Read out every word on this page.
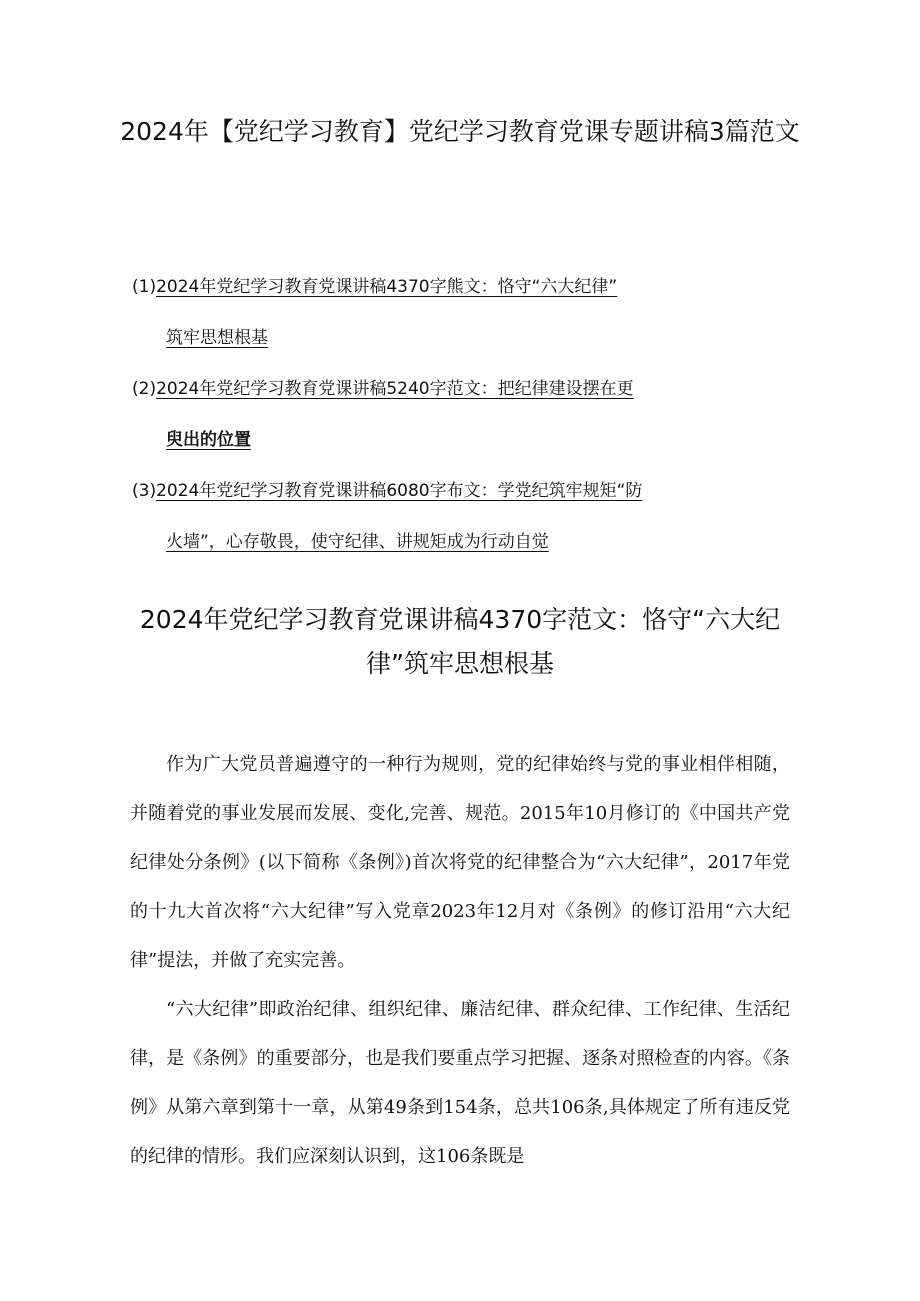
2024年【党纪学习教育】党纪学习教育党课专题讲稿3篇范文
(1)2024年党纪学习教育党课讲稿4370字熊文：恪守“六大纪律”
筑牢思想根基
(2)2024年党纪学习教育党课讲稿5240字范文：把纪律建设摆在更
臾出的位置
(3)2024年党纪学习教育党课讲稿6080字布文：学党纪筑牢规矩“防
火墙”，心存敬畏，使守纪律、讲规矩成为行动自觉
2024年党纪学习教育党课讲稿4370字范文：恪守“六大纪律”筑牢思想根基

作为广大党员普遍遵守的一种行为规则，党的纪律始终与党的事业相伴相随，并随着党的事业发展而发展、变化,完善、规范。2015年10月修订的《中国共产党纪律处分条例》(以下简称《条例》)首次将党的纪律整合为“六大纪律”，2017年党的十九大首次将“六大纪律”写入党章2023年12月对《条例》的修订沿用“六大纪律”提法，并做了充实完善。

“六大纪律”即政治纪律、组织纪律、廉洁纪律、群众纪律、工作纪律、生活纪律，是《条例》的重要部分，也是我们要重点学习把握、逐条对照检查的内容。《条例》从第六章到第十一章，从第49条到154条，总共106条,具体规定了所有违反党的纪律的情形。我们应深刻认识到，这106条既是
